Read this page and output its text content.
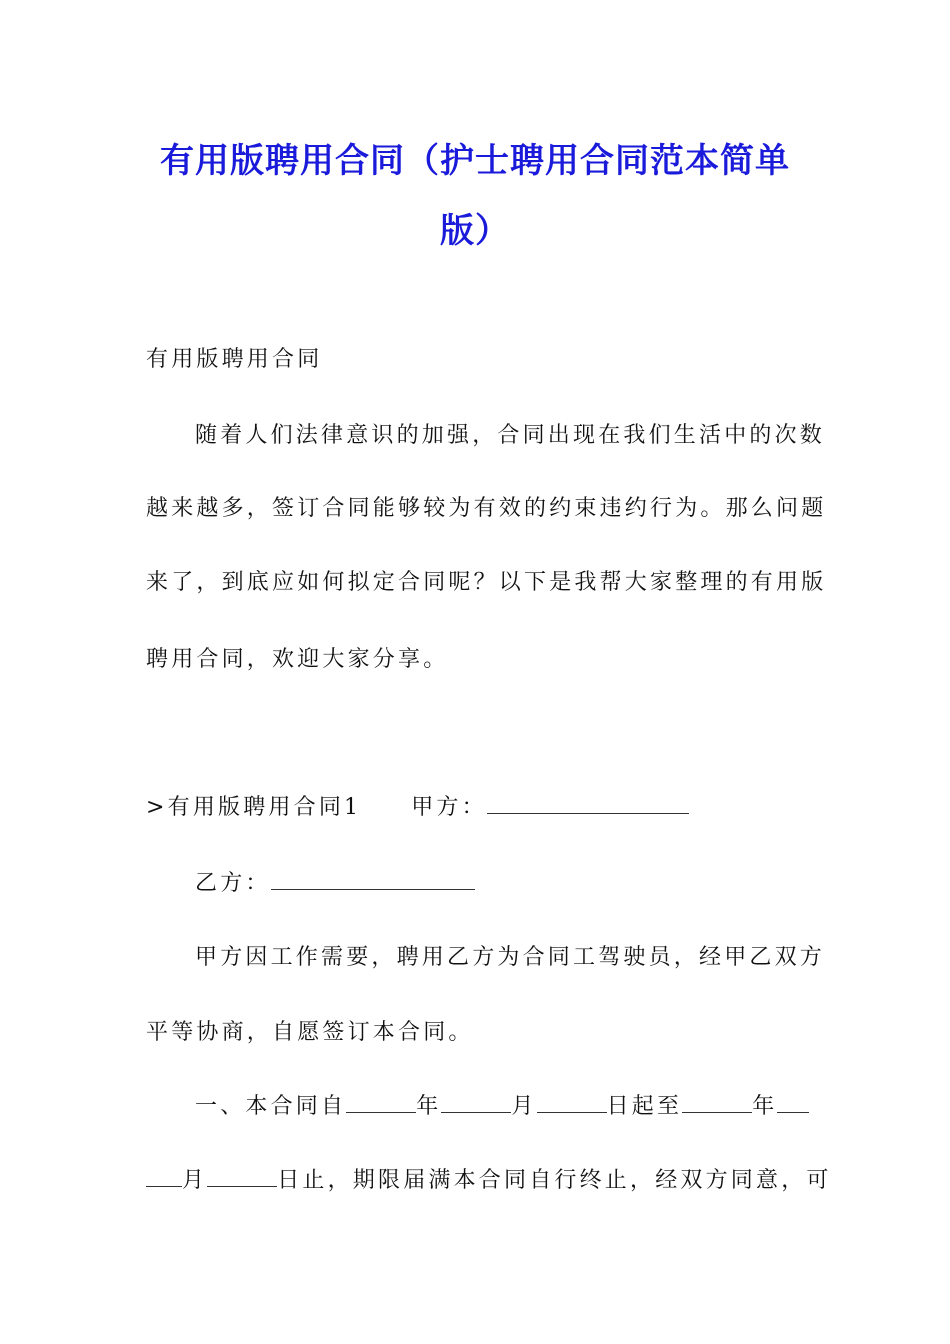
有用版聘用合同（护士聘用合同范本简单
版）
有用版聘用合同
随着人们法律意识的加强，合同出现在我们生活中的次数
越来越多，签订合同能够较为有效的约束违约行为。那么问题
来了，到底应如何拟定合同呢？以下是我帮大家整理的有用版
聘用合同，欢迎大家分享。
>有用版聘用合同1 甲方：
乙方：
甲方因工作需要，聘用乙方为合同工驾驶员，经甲乙双方
平等协商，自愿签订本合同。
一、本合同自	年	月	日起至	年
月	日止，期限届满本合同自行终止，经双方同意，可
